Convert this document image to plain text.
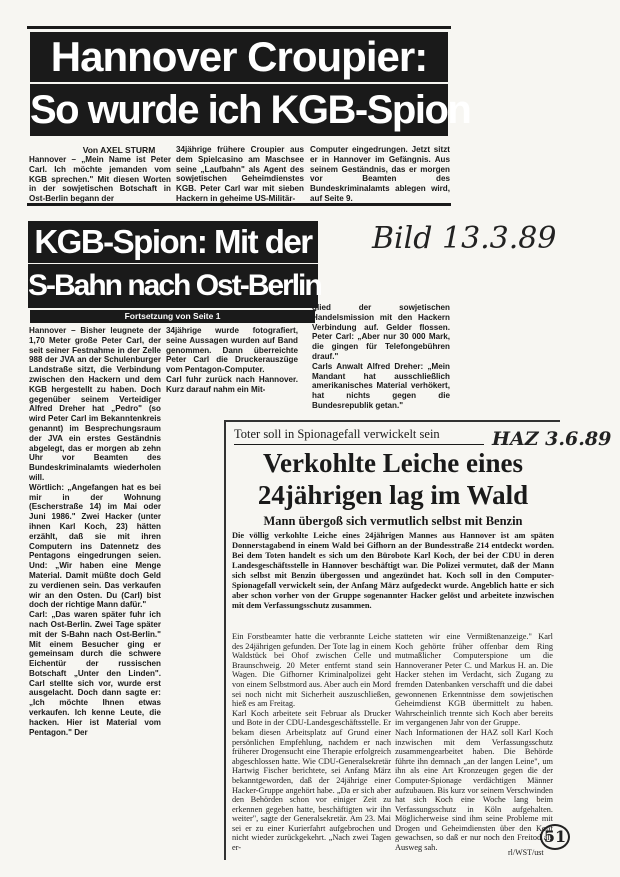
Hannover Croupier:
So wurde ich KGB-Spion
Von AXEL STURM
Hannover – „Mein Name ist Peter Carl. Ich möchte jemanden vom KGB sprechen." Mit diesen Worten in der sowjetischen Botschaft in Ost-Berlin begann der
34jährige frühere Croupier aus dem Spielcasino am Maschsee seine „Laufbahn" als Agent des sowjetischen Geheimdienstes KGB. Peter Carl war mit sieben Hackern in geheime US-Militär-
Computer eingedrungen. Jetzt sitzt er in Hannover im Gefängnis. Aus seinem Geständnis, das er morgen vor Beamten des Bundeskriminalamts ablegen wird, auf Seite 9.
Bild 13.3.89
KGB-Spion: Mit der
S-Bahn nach Ost-Berlin
Fortsetzung von Seite 1
Hannover – Bisher leugnete der 1,70 Meter große Peter Carl, der seit seiner Festnahme in der Zelle 988 der JVA an der Schulenburger Landstraße sitzt, die Verbindung zwischen den Hackern und dem KGB hergestellt zu haben. Doch gegenüber seinem Verteidiger Alfred Dreher hat „Pedro" (so wird Peter Carl im Bekanntenkreis genannt) im Besprechungsraum der JVA ein erstes Geständnis abgelegt, das er morgen ab zehn Uhr vor Beamten des Bundeskriminalamts wiederholen will.
Wörtlich: „Angefangen hat es bei mir in der Wohnung (Escherstraße 14) im Mai oder Juni 1986." Zwei Hacker (unter ihnen Karl Koch, 23) hätten erzählt, daß sie mit ihren Computern ins Datennetz des Pentagons eingedrungen seien. Und: „Wir haben eine Menge Material. Damit müßte doch Geld zu verdienen sein. Das verkaufen wir an den Osten. Du (Carl) bist doch der richtige Mann dafür."
Carl: „Das waren später fuhr ich nach Ost-Berlin. Zwei Tage später mit der S-Bahn nach Ost-Berlin." Mit einem Besucher ging er gemeinsam durch die schwere Eichentür der russischen Botschaft „Unter den Linden". Carl stellte sich vor, wurde erst ausgelacht. Doch dann sagte er: „Ich möchte Ihnen etwas verkaufen. Ich kenne Leute, die hacken. Hier ist Material vom Pentagon." Der
34jährige wurde fotografiert, seine Aussagen wurden auf Band genommen. Dann überreichte Peter Carl die Druckerauszüge vom Pentagon-Computer.
Carl fuhr zurück nach Hannover. Kurz darauf nahm ein Mit-
glied der sowjetischen Handelsmission mit den Hackern Verbindung auf. Gelder flossen. Peter Carl: „Aber nur 30 000 Mark, die gingen für Telefongebühren drauf."
Carls Anwalt Alfred Dreher: „Mein Mandant hat ausschließlich amerikanisches Material verhökert, hat nichts gegen die Bundesrepublik getan."
Toter soll in Spionagefall verwickelt sein	HAZ 3.6.89
Verkohlte Leiche eines
24jährigen lag im Wald
Mann übergoß sich vermutlich selbst mit Benzin
Die völlig verkohlte Leiche eines 24jährigen Mannes aus Hannover ist am späten Donnerstagabend in einem Wald bei Gifhorn an der Bundesstraße 214 entdeckt worden. Bei dem Toten handelt es sich um den Bürobote Karl Koch, der bei der CDU in deren Landesgeschäftsstelle in Hannover beschäftigt war. Die Polizei vermutet, daß der Mann sich selbst mit Benzin übergossen und angezündet hat. Koch soll in den Computer-Spionagefall verwickelt sein, der Anfang März aufgedeckt wurde. Angeblich hatte er sich aber schon vorher von der Gruppe sogenannter Hacker gelöst und arbeitete inzwischen mit dem Verfassungsschutz zusammen.
Ein Forstbeamter hatte die verbrannte Leiche des 24jährigen gefunden. Der Tote lag in einem Waldstück bei Ohof zwischen Celle und Braunschweig. 20 Meter entfernt stand sein Wagen. Die Gifhorner Kriminalpolizei geht von einem Selbstmord aus. Aber auch ein Mord sei noch nicht mit Sicherheit auszuschließen, hieß es am Freitag.
Karl Koch arbeitete seit Februar als Drucker und Bote in der CDU-Landesgeschäftsstelle. Er bekam diesen Arbeitsplatz auf Grund einer persönlichen Empfehlung, nachdem er nach früherer Drogensucht eine Therapie erfolgreich abgeschlossen hatte. Wie CDU-Generalsekretär Hartwig Fischer berichtete, sei Anfang März bekanntgeworden, daß der 24jährige einer Hacker-Gruppe angehört habe. „Da er sich aber den Behörden schon vor einiger Zeit zu erkennen gegeben hatte, beschäftigten wir ihn weiter", sagte der Generalsekretär. Am 23. Mai sei er zu einer Kurierfahrt aufgebrochen und nicht wieder zurückgekehrt. „Nach zwei Tagen er-
statteten wir eine Vermißtenanzeige." Karl Koch gehörte früher offenbar dem Ring mutmaßlicher Computerspione um die Hannoveraner Peter C. und Markus H. an. Die Hacker stehen im Verdacht, sich Zugang zu fremden Datenbanken verschafft und die dabei gewonnenen Erkenntnisse dem sowjetischen Geheimdienst KGB übermittelt zu haben. Wahrscheinlich trennte sich Koch aber bereits im vergangenen Jahr von der Gruppe.
Nach Informationen der HAZ soll Karl Koch inzwischen mit dem Verfassungsschutz zusammengearbeitet haben. Die Behörde führte ihn demnach „an der langen Leine", um ihn als eine Art Kronzeugen gegen die der Computer-Spionage verdächtigen Männer aufzubauen. Bis kurz vor seinem Verschwinden hat sich Koch eine Woche lang beim Verfassungsschutz in Köln aufgehalten. Möglicherweise sind ihm seine Probleme mit Drogen und Geheimdiensten über den Kopf gewachsen, so daß er nur noch den Freitod als Ausweg sah.
rl/WST/ust
51
